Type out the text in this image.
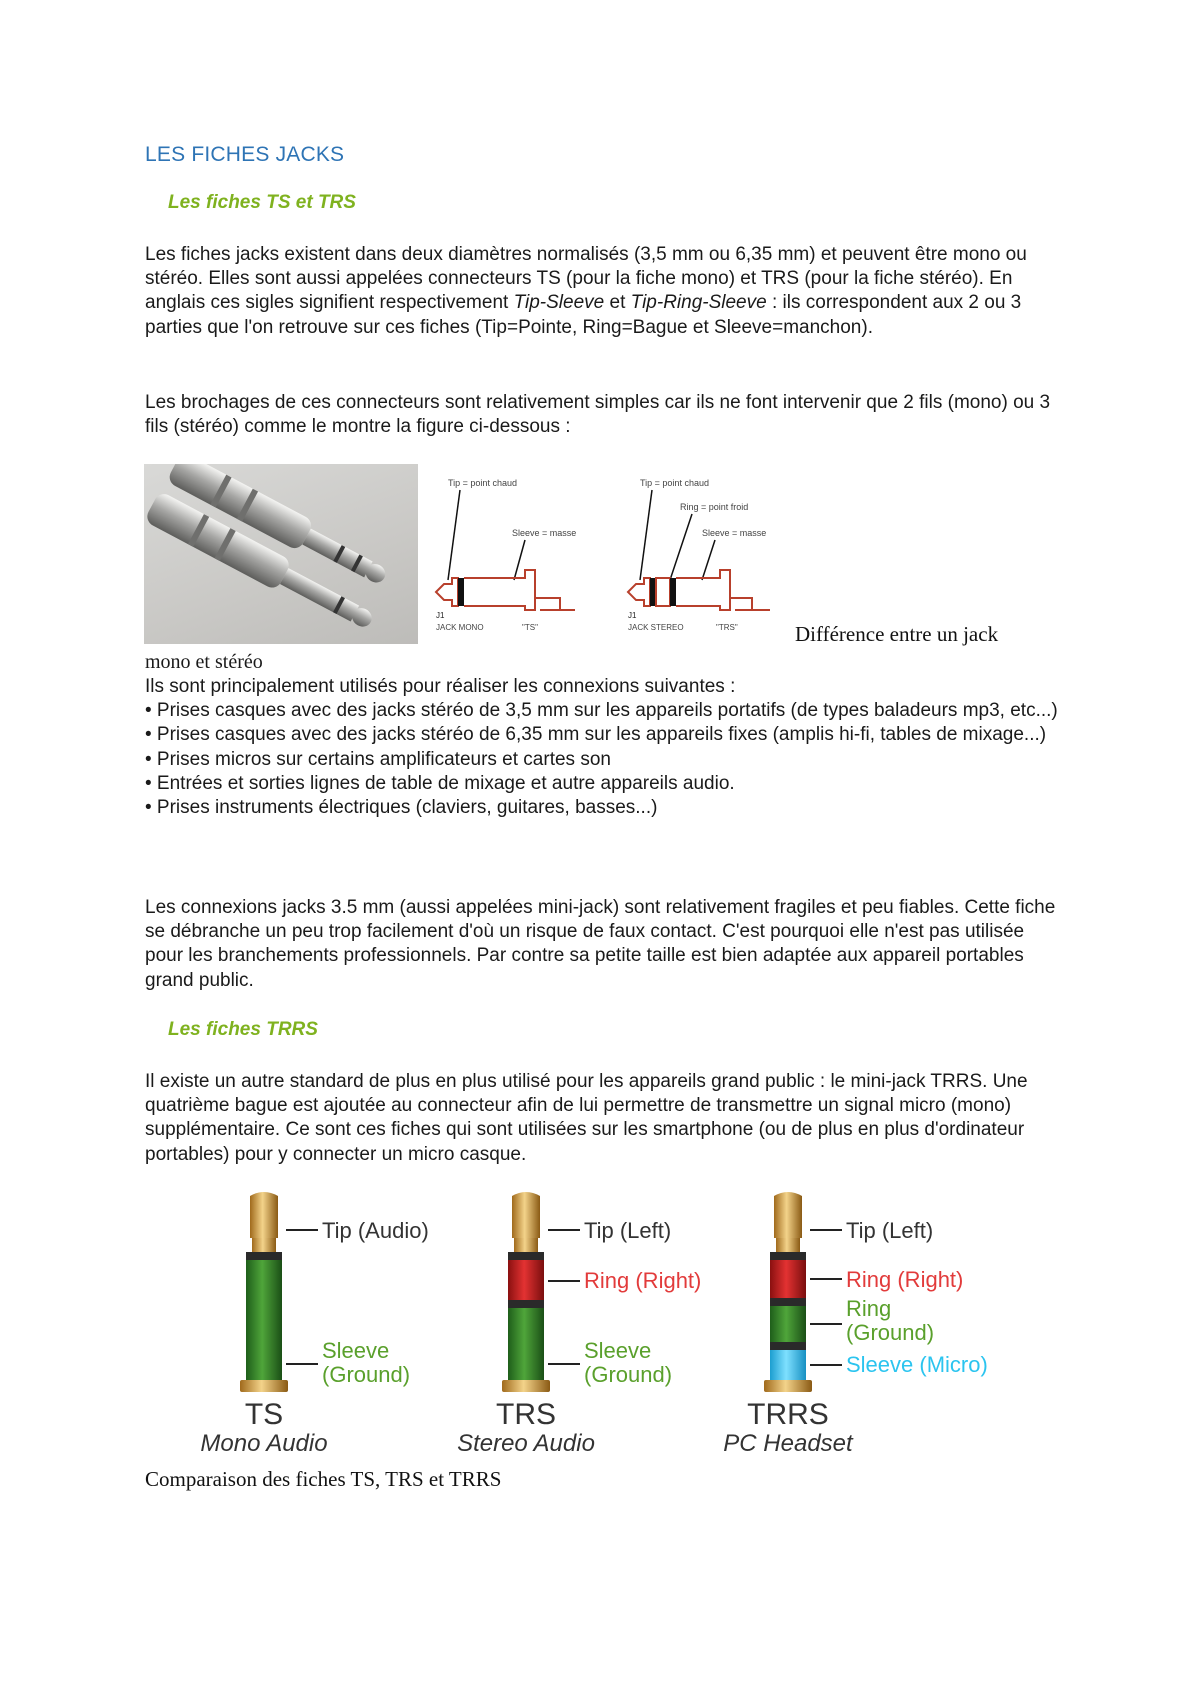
LES FICHES JACKS
Les fiches TS et TRS

Les fiches jacks existent dans deux diamètres normalisés (3,5 mm ou 6,35 mm) et peuvent être mono ou stéréo. Elles sont aussi appelées connecteurs TS (pour la fiche mono) et TRS (pour la fiche stéréo). En anglais ces sigles signifient respectivement Tip-Sleeve et Tip-Ring-Sleeve : ils correspondent aux 2 ou 3 parties que l'on retrouve sur ces fiches (Tip=Pointe, Ring=Bague et Sleeve=manchon).

Les brochages de ces connecteurs sont relativement simples car ils ne font intervenir que 2 fils (mono) ou 3 fils (stéréo) comme le montre la figure ci-dessous :
Tip = point chaud
Sleeve = masse
J1
JACK MONO	"TS"
Tip = point chaud
Ring = point froid
Sleeve = masse
J1
JACK STEREO	"TRS"	Différence entre un jack
mono et stéréo

Ils sont principalement utilisés pour réaliser les connexions suivantes :

• Prises casques avec des jacks stéréo de 3,5 mm sur les appareils portatifs (de types baladeurs mp3, etc...)

• Prises casques avec des jacks stéréo de 6,35 mm sur les appareils fixes (amplis hi-fi, tables de mixage...)

• Prises micros sur certains amplificateurs et cartes son

• Entrées et sorties lignes de table de mixage et autre appareils audio.

• Prises instruments électriques (claviers, guitares, basses...)

Les connexions jacks 3.5 mm (aussi appelées mini-jack) sont relativement fragiles et peu fiables. Cette fiche se débranche un peu trop facilement d'où un risque de faux contact. C'est pourquoi elle n'est pas utilisée pour les branchements professionnels. Par contre sa petite taille est bien adaptée aux appareil portables grand public.
Les fiches TRRS
Il existe un autre standard de plus en plus utilisé pour les appareils grand public : le mini-jack TRRS. Une quatrième bague est ajoutée au connecteur afin de lui permettre de transmettre un signal micro (mono) supplémentaire. Ce sont ces fiches qui sont utilisées sur les smartphone (ou de plus en plus d'ordinateur portables) pour y connecter un micro casque.
Tip (Audio)
Sleeve
(Ground)
TS
Mono Audio
Tip (Left)
Ring (Right)
Sleeve
(Ground)
TRS
Stereo Audio
Tip (Left)
Ring (Right)
Ring
(Ground)
Sleeve (Micro)
TRRS
PC Headset
Comparaison des fiches TS, TRS et TRRS
